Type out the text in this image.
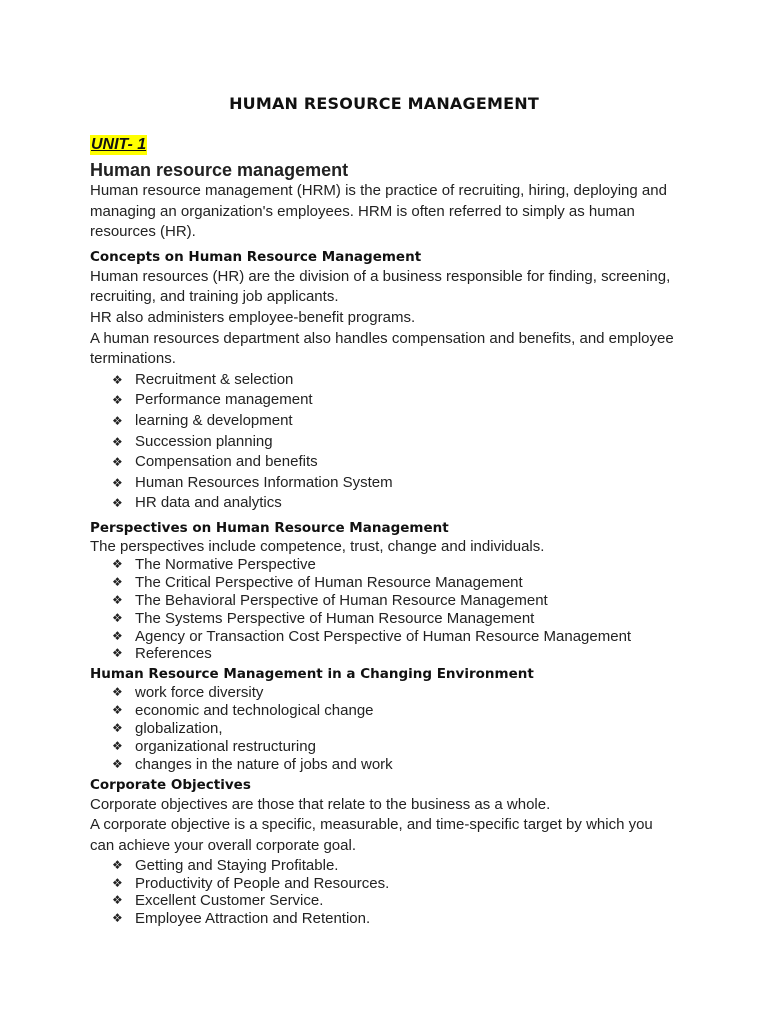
HUMAN RESOURCE MANAGEMENT
UNIT- 1
Human resource management

Human resource management (HRM) is the practice of recruiting, hiring, deploying and

managing an organization's employees. HRM is often referred to simply as human

resources (HR).

Concepts on Human Resource Management

Human resources (HR) are the division of a business responsible for finding, screening,

recruiting, and training job applicants.

HR also administers employee-benefit programs.

A human resources department also handles compensation and benefits, and employee

terminations.

❖ Recruitment & selection
❖ Performance management
❖ learning & development
❖ Succession planning
❖ Compensation and benefits
❖ Human Resources Information System
❖ HR data and analytics
Perspectives on Human Resource Management

The perspectives include competence, trust, change and individuals.

❖ The Normative Perspective
❖ The Critical Perspective of Human Resource Management
❖ The Behavioral Perspective of Human Resource Management
❖ The Systems Perspective of Human Resource Management
❖ Agency or Transaction Cost Perspective of Human Resource Management
❖ References
Human Resource Management in a Changing Environment
❖ work force diversity
❖ economic and technological change
❖ globalization,
❖ organizational restructuring
❖ changes in the nature of jobs and work
Corporate Objectives

Corporate objectives are those that relate to the business as a whole.

A corporate objective is a specific, measurable, and time-specific target by which you

can achieve your overall corporate goal.

❖ Getting and Staying Profitable.
❖ Productivity of People and Resources.
❖ Excellent Customer Service.
❖ Employee Attraction and Retention.
